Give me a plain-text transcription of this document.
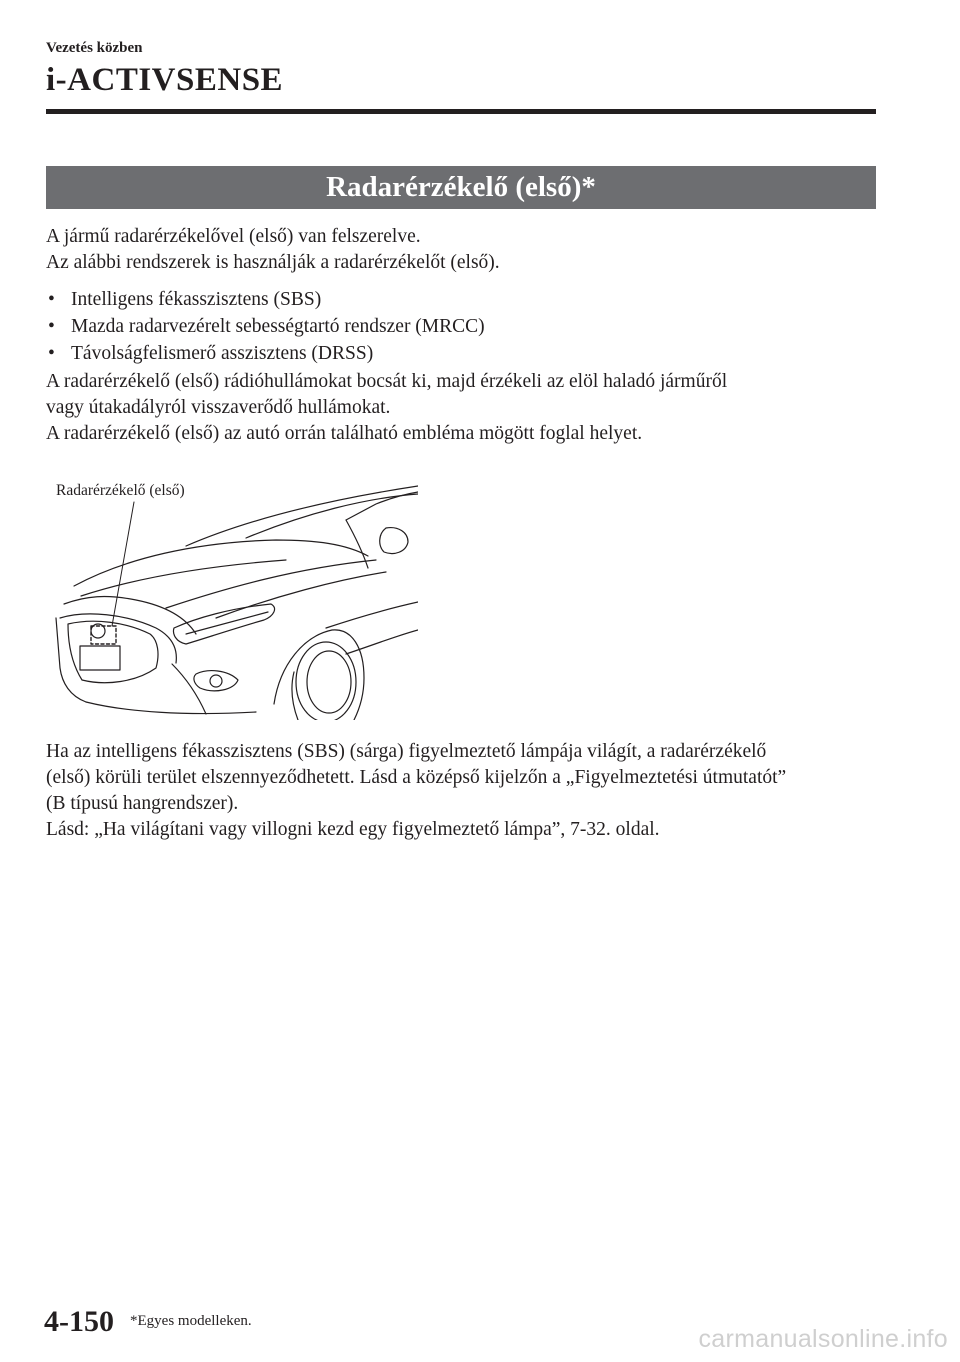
Vezetés közben
i-ACTIVSENSE
Radarérzékelő (első)*

A jármű radarérzékelővel (első) van felszerelve.
Az alábbi rendszerek is használják a radarérzékelőt (első).

• Intelligens fékasszisztens (SBS)
• Mazda radarvezérelt sebességtartó rendszer (MRCC)
• Távolságfelismerő asszisztens (DRSS)

A radarérzékelő (első) rádióhullámokat bocsát ki, majd érzékeli az elöl haladó járműről
vagy útakadályról visszaverődő hullámokat.
A radarérzékelő (első) az autó orrán található embléma mögött foglal helyet.

Radarérzékelő (első)

Ha az intelligens fékasszisztens (SBS) (sárga) figyelmeztető lámpája világít, a radarérzékelő
(első) körüli terület elszennyeződhetett. Lásd a középső kijelzőn a „Figyelmeztetési útmutatót”
(B típusú hangrendszer).
Lásd: „Ha világítani vagy villogni kezd egy figyelmeztető lámpa”, 7-32. oldal.

4-150 *Egyes modelleken.
carmanualsonline.info
